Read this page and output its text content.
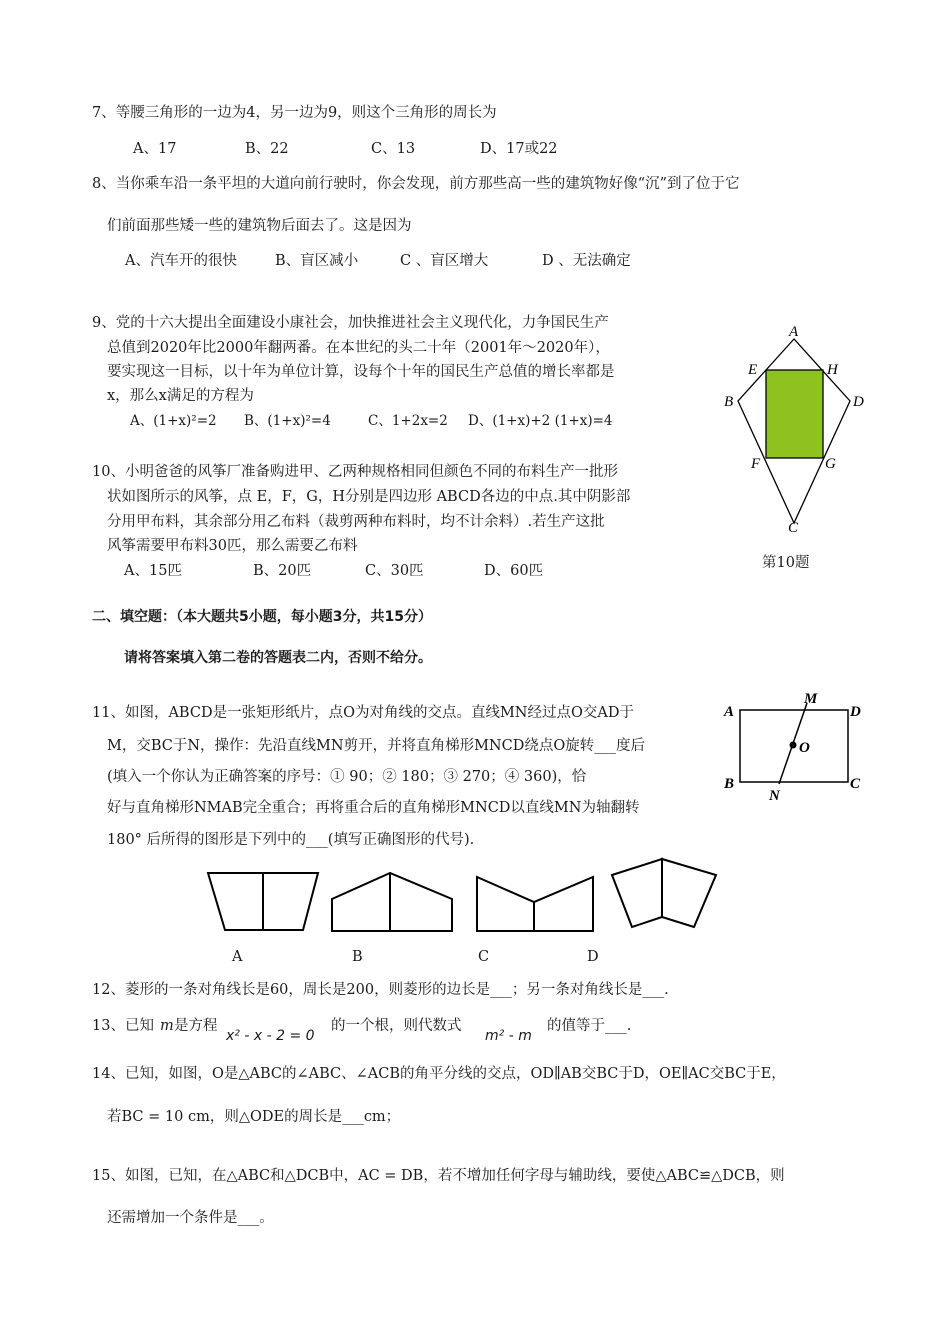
7、等腰三角形的一边为4，另一边为9，则这个三角形的周长为
A、17	B、22	C、13	D、17或22
8、当你乘车沿一条平坦的大道向前行驶时，你会发现，前方那些高一些的建筑物好像“沉”到了位于它
们前面那些矮一些的建筑物后面去了。这是因为
A、汽车开的很快	B、盲区减小	C 、盲区增大	D 、无法确定
9、党的十六大提出全面建设小康社会，加快推进社会主义现代化，力争国民生产
总值到2020年比2000年翻两番。在本世纪的头二十年（2001年～2020年），
要实现这一目标，以十年为单位计算，设每个十年的国民生产总值的增长率都是
x，那么x满足的方程为
A、(1+x)²=2 B、(1+x)²=4	C、1+2x=2 D、(1+x)+2 (1+x)=4
10、小明爸爸的风筝厂准备购进甲、乙两种规格相同但颜色不同的布料生产一批形
状如图所示的风筝，点 E，F，G，H分别是四边形 ABCD各边的中点.其中阴影部
分用甲布料，其余部分用乙布料（裁剪两种布料时，均不计余料）.若生产这批
风筝需要甲布料30匹，那么需要乙布料
A、15匹	B、20匹	C、30匹	D、60匹
A
B
C
D
E
F	G
H
第10题
二、填空题：（本大题共5小题，每小题3分，共15分）
请将答案填入第二卷的答题表二内，否则不给分。
11、如图，ABCD是一张矩形纸片，点O为对角线的交点。直线MN经过点O交AD于
M，交BC于N，操作：先沿直线MN剪开，并将直角梯形MNCD绕点O旋转___度后
(填入一个你认为正确答案的序号：① 90；② 180；③ 270；④ 360)，恰
好与直角梯形NMAB完全重合；再将重合后的直角梯形MNCD以直线MN为轴翻转
180° 后所得的图形是下列中的___(填写正确图形的代号).
A
M
D
O
B
N
C
A	B	C	D
12、菱形的一条对角线长是60，周长是200，则菱形的边长是___；另一条对角线长是___.
13、已知 m 是方程
x² - x - 2 = 0
的一个根，则代数式
m² - m
的值等于___.
14、已知，如图，O是△ABC的∠ABC、∠ACB的角平分线的交点，OD∥AB交BC于D，OE∥AC交BC于E，
若BC = 10 cm，则△ODE的周长是___cm；
15、如图，已知，在△ABC和△DCB中，AC = DB，若不增加任何字母与辅助线，要使△ABC≌△DCB，则
还需增加一个条件是___。
